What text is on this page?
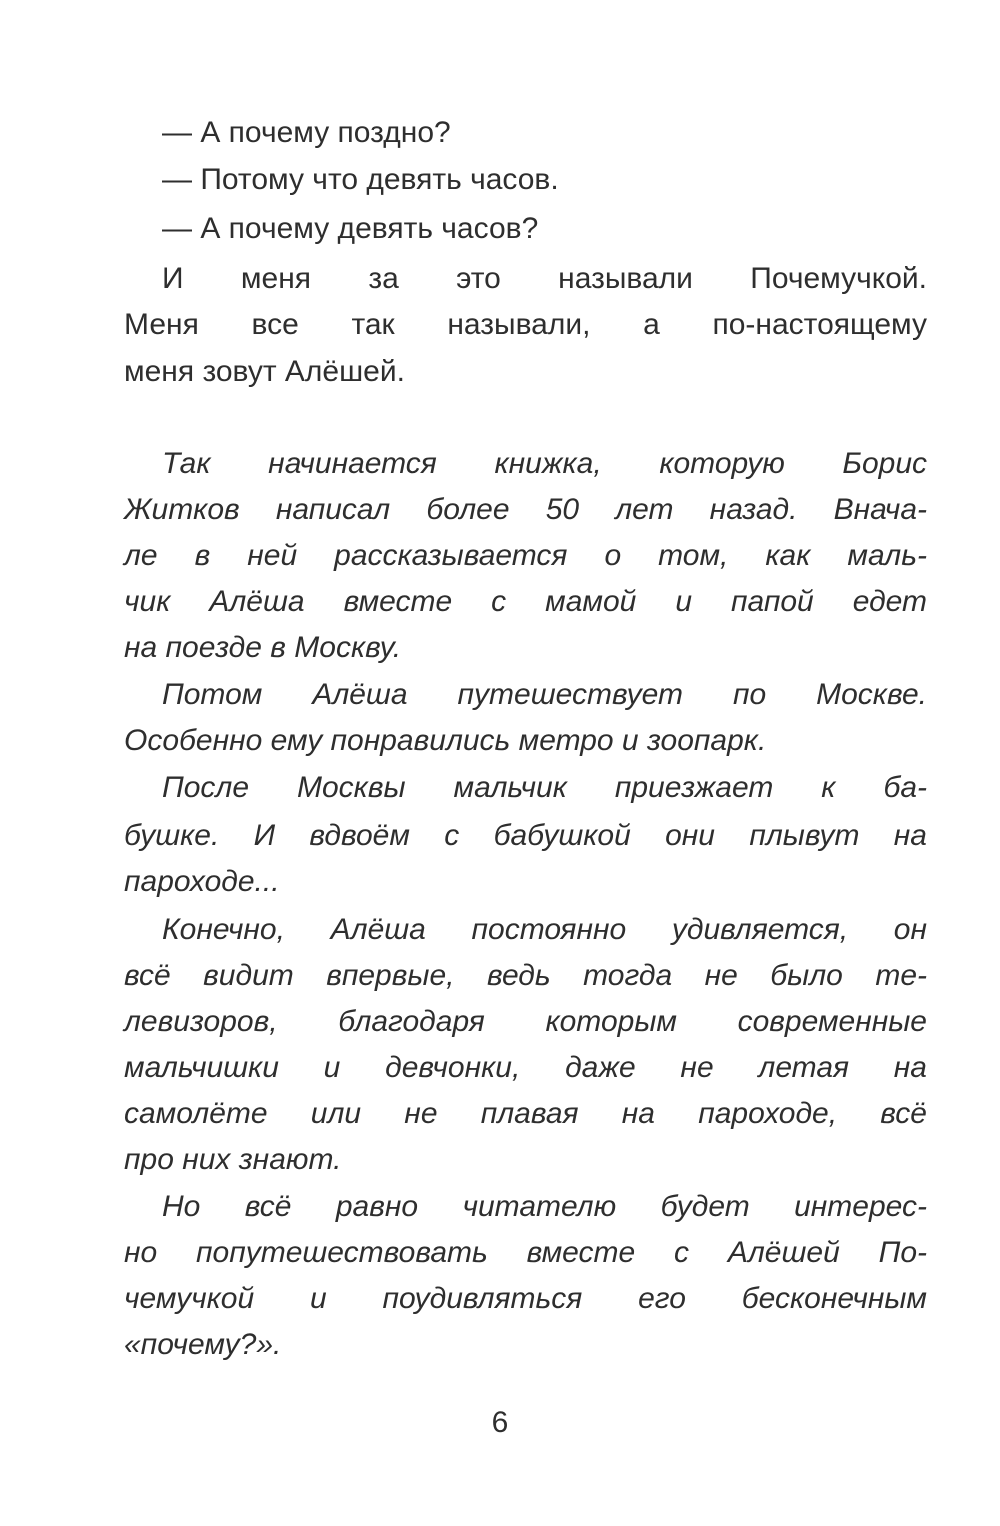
6
— А почему поздно?
— Потому что девять часов.
— А почему девять часов?
И меня за это называли Почемучкой.
Меня все так называли, а по-настоящему
меня зовут Алёшей.
Так начинается книжка, которую Борис
Житков написал более 50 лет назад. Внача-
ле в ней рассказывается о том, как маль-
чик Алёша вместе с мамой и папой едет
на поезде в Москву.
Потом Алёша путешествует по Москве.
Особенно ему понравились метро и зоопарк.
После Москвы мальчик приезжает к ба-
бушке. И вдвоём с бабушкой они плывут на
пароходе...
Конечно, Алёша постоянно удивляется, он
всё видит впервые, ведь тогда не было те-
левизоров, благодаря которым современные
мальчишки и девчонки, даже не летая на
самолёте или не плавая на пароходе, всё
про них знают.
Но всё равно читателю будет интерес-
но попутешествовать вместе с Алёшей По-
чемучкой и поудивляться его бесконечным
«почему?».
